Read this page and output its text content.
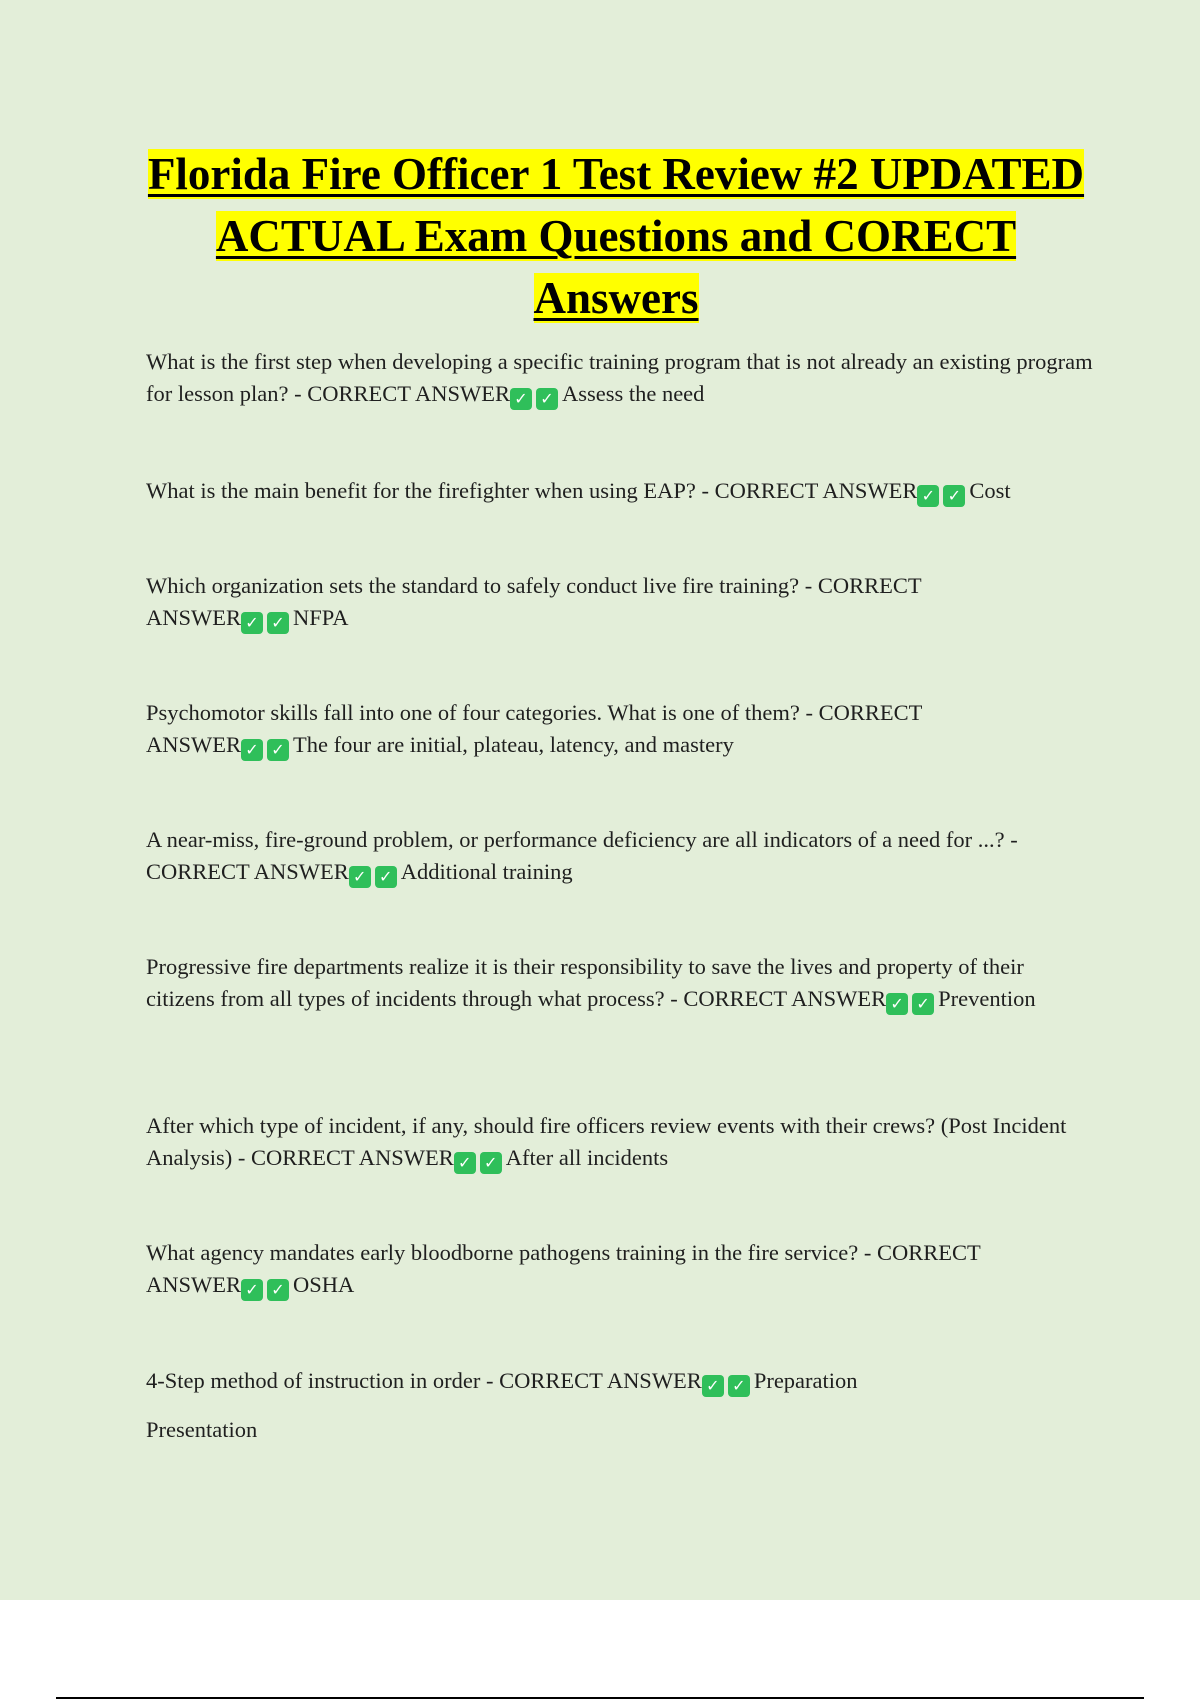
Florida Fire Officer 1 Test Review #2 UPDATED ACTUAL Exam Questions and CORECT Answers

What is the first step when developing a specific training program that is not already an existing program for lesson plan? - CORRECT ANSWER ✓ ✓ Assess the need

What is the main benefit for the firefighter when using EAP? - CORRECT ANSWER ✓ ✓ Cost

Which organization sets the standard to safely conduct live fire training? - CORRECT ANSWER ✓ ✓ NFPA

Psychomotor skills fall into one of four categories. What is one of them? - CORRECT ANSWER ✓ ✓ The four are initial, plateau, latency, and mastery

A near-miss, fire-ground problem, or performance deficiency are all indicators of a need for ...? - CORRECT ANSWER ✓ ✓ Additional training

Progressive fire departments realize it is their responsibility to save the lives and property of their citizens from all types of incidents through what process? - CORRECT ANSWER ✓ ✓ Prevention

After which type of incident, if any, should fire officers review events with their crews? (Post Incident Analysis) - CORRECT ANSWER ✓ ✓ After all incidents

What agency mandates early bloodborne pathogens training in the fire service? - CORRECT ANSWER ✓ ✓ OSHA

4-Step method of instruction in order - CORRECT ANSWER ✓ ✓ Preparation

Presentation
